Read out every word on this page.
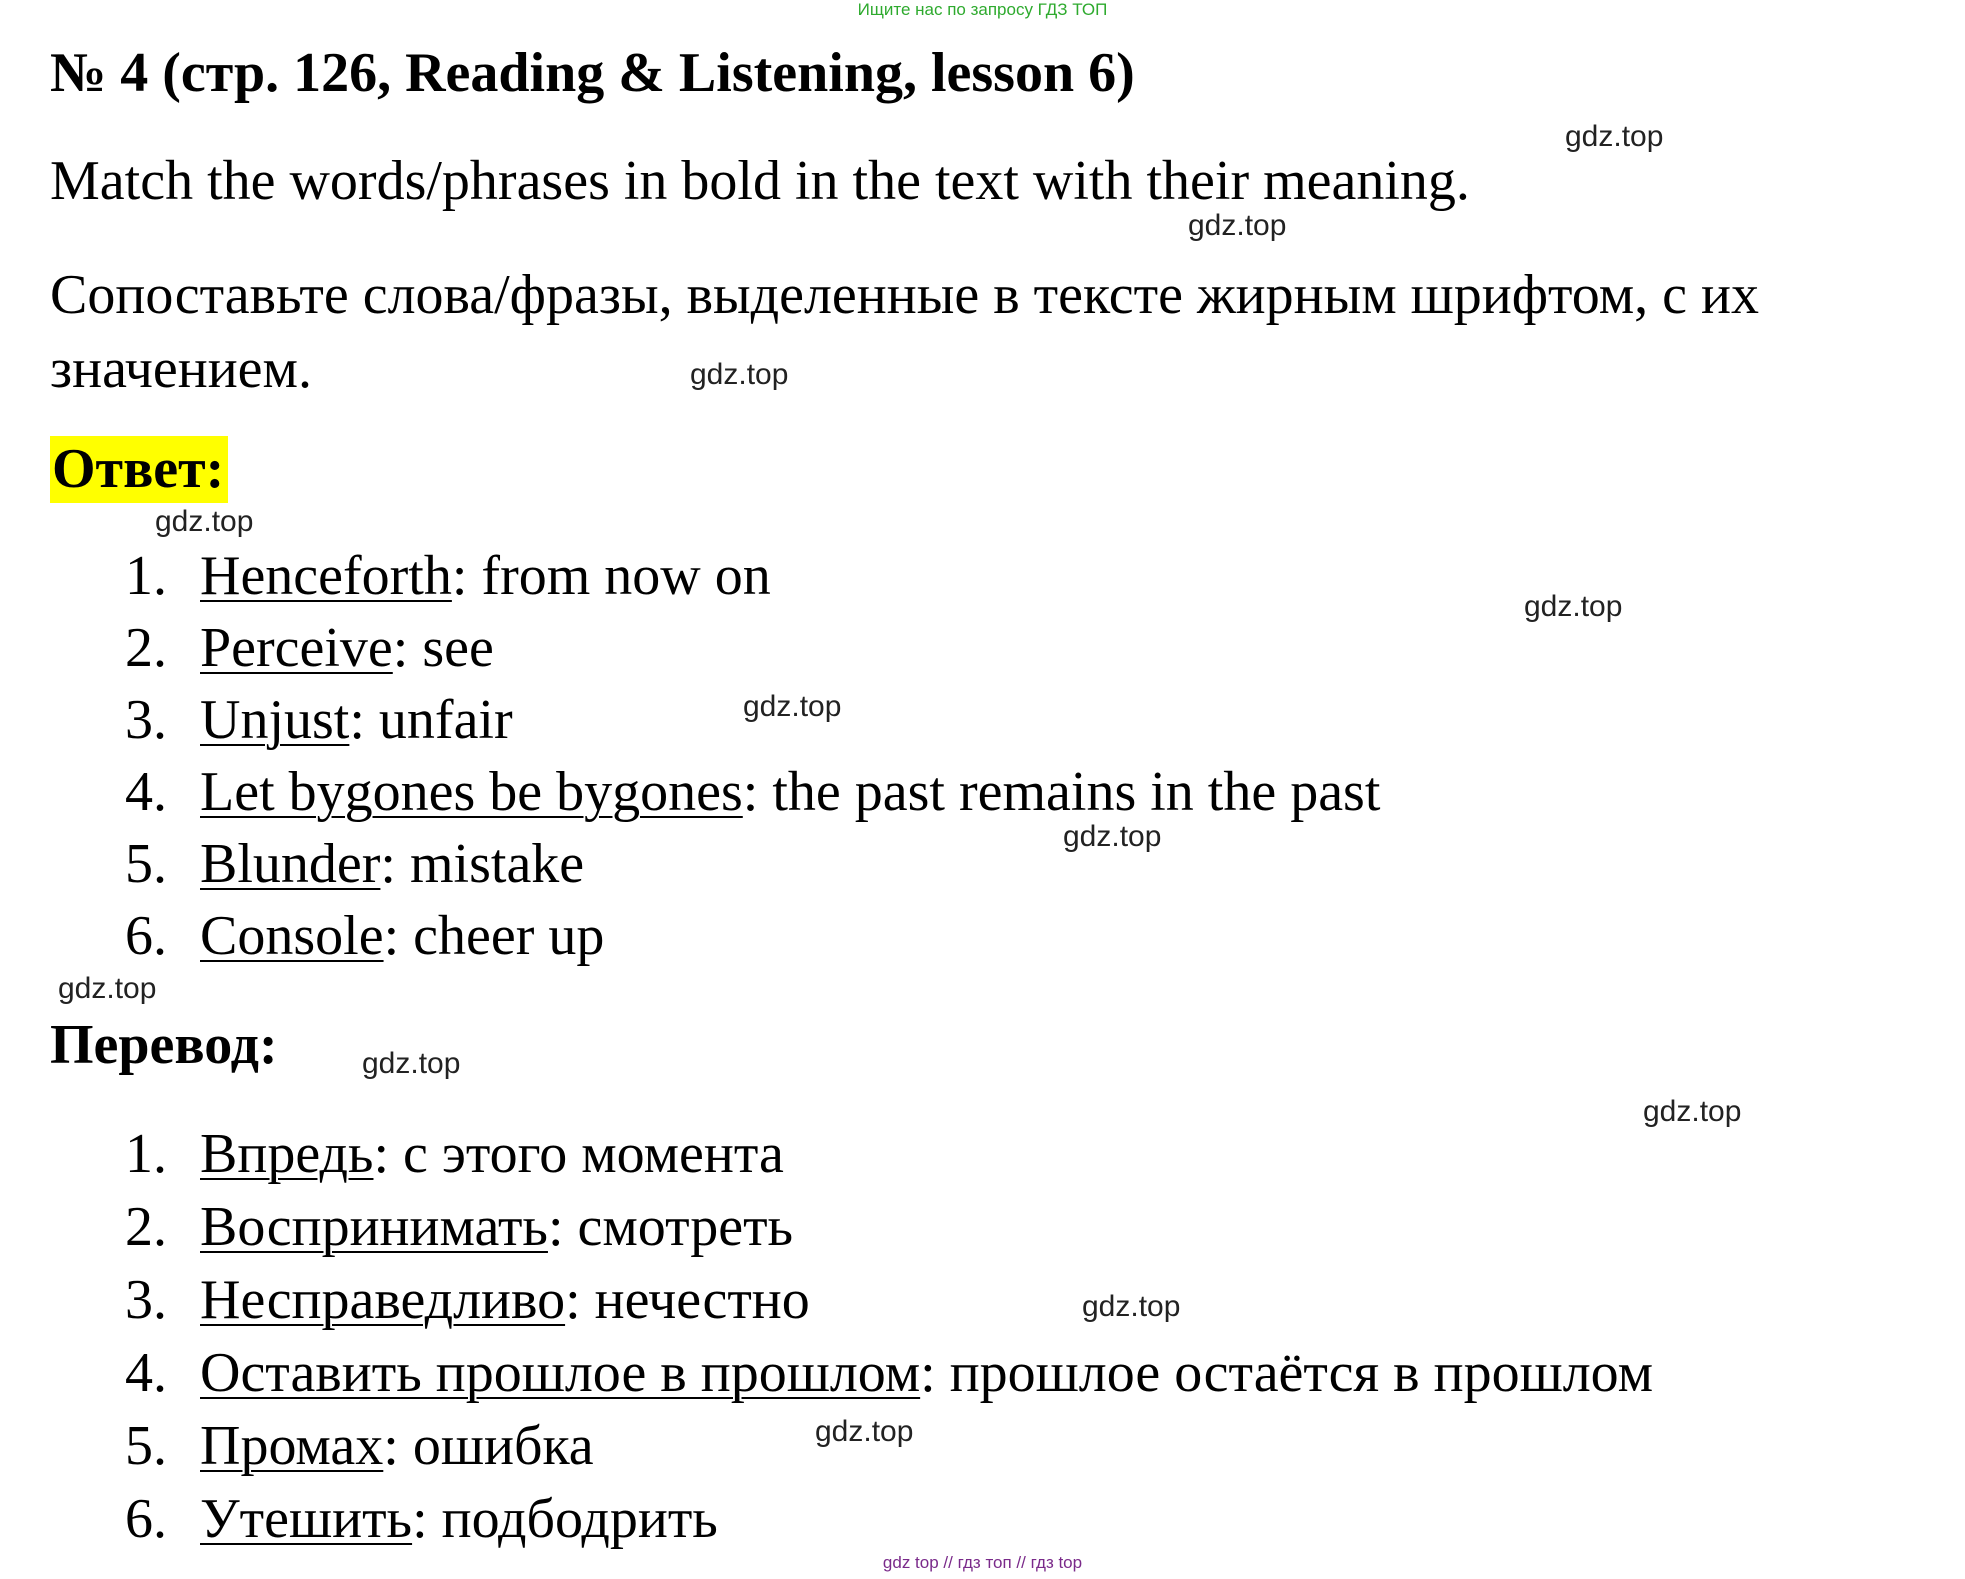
Ищите нас по запросу ГДЗ ТОП
№ 4 (стр. 126, Reading & Listening, lesson 6)
Match the words/phrases in bold in the text with their meaning.
Сопоставьте слова/фразы, выделенные в тексте жирным шрифтом, с их значением.
Ответ:
1. Henceforth: from now on
2. Perceive: see
3. Unjust: unfair
4. Let bygones be bygones: the past remains in the past
5. Blunder: mistake
6. Console: cheer up
Перевод:
1. Впредь: с этого момента
2. Воспринимать: смотреть
3. Несправедливо: нечестно
4. Оставить прошлое в прошлом: прошлое остаётся в прошлом
5. Промах: ошибка
6. Утешить: подбодрить
gdz.top
gdz.top
gdz.top
gdz.top
gdz.top
gdz.top
gdz.top
gdz.top
gdz.top
gdz.top
gdz.top
gdz.top
gdz top // гдз топ // гдз top
